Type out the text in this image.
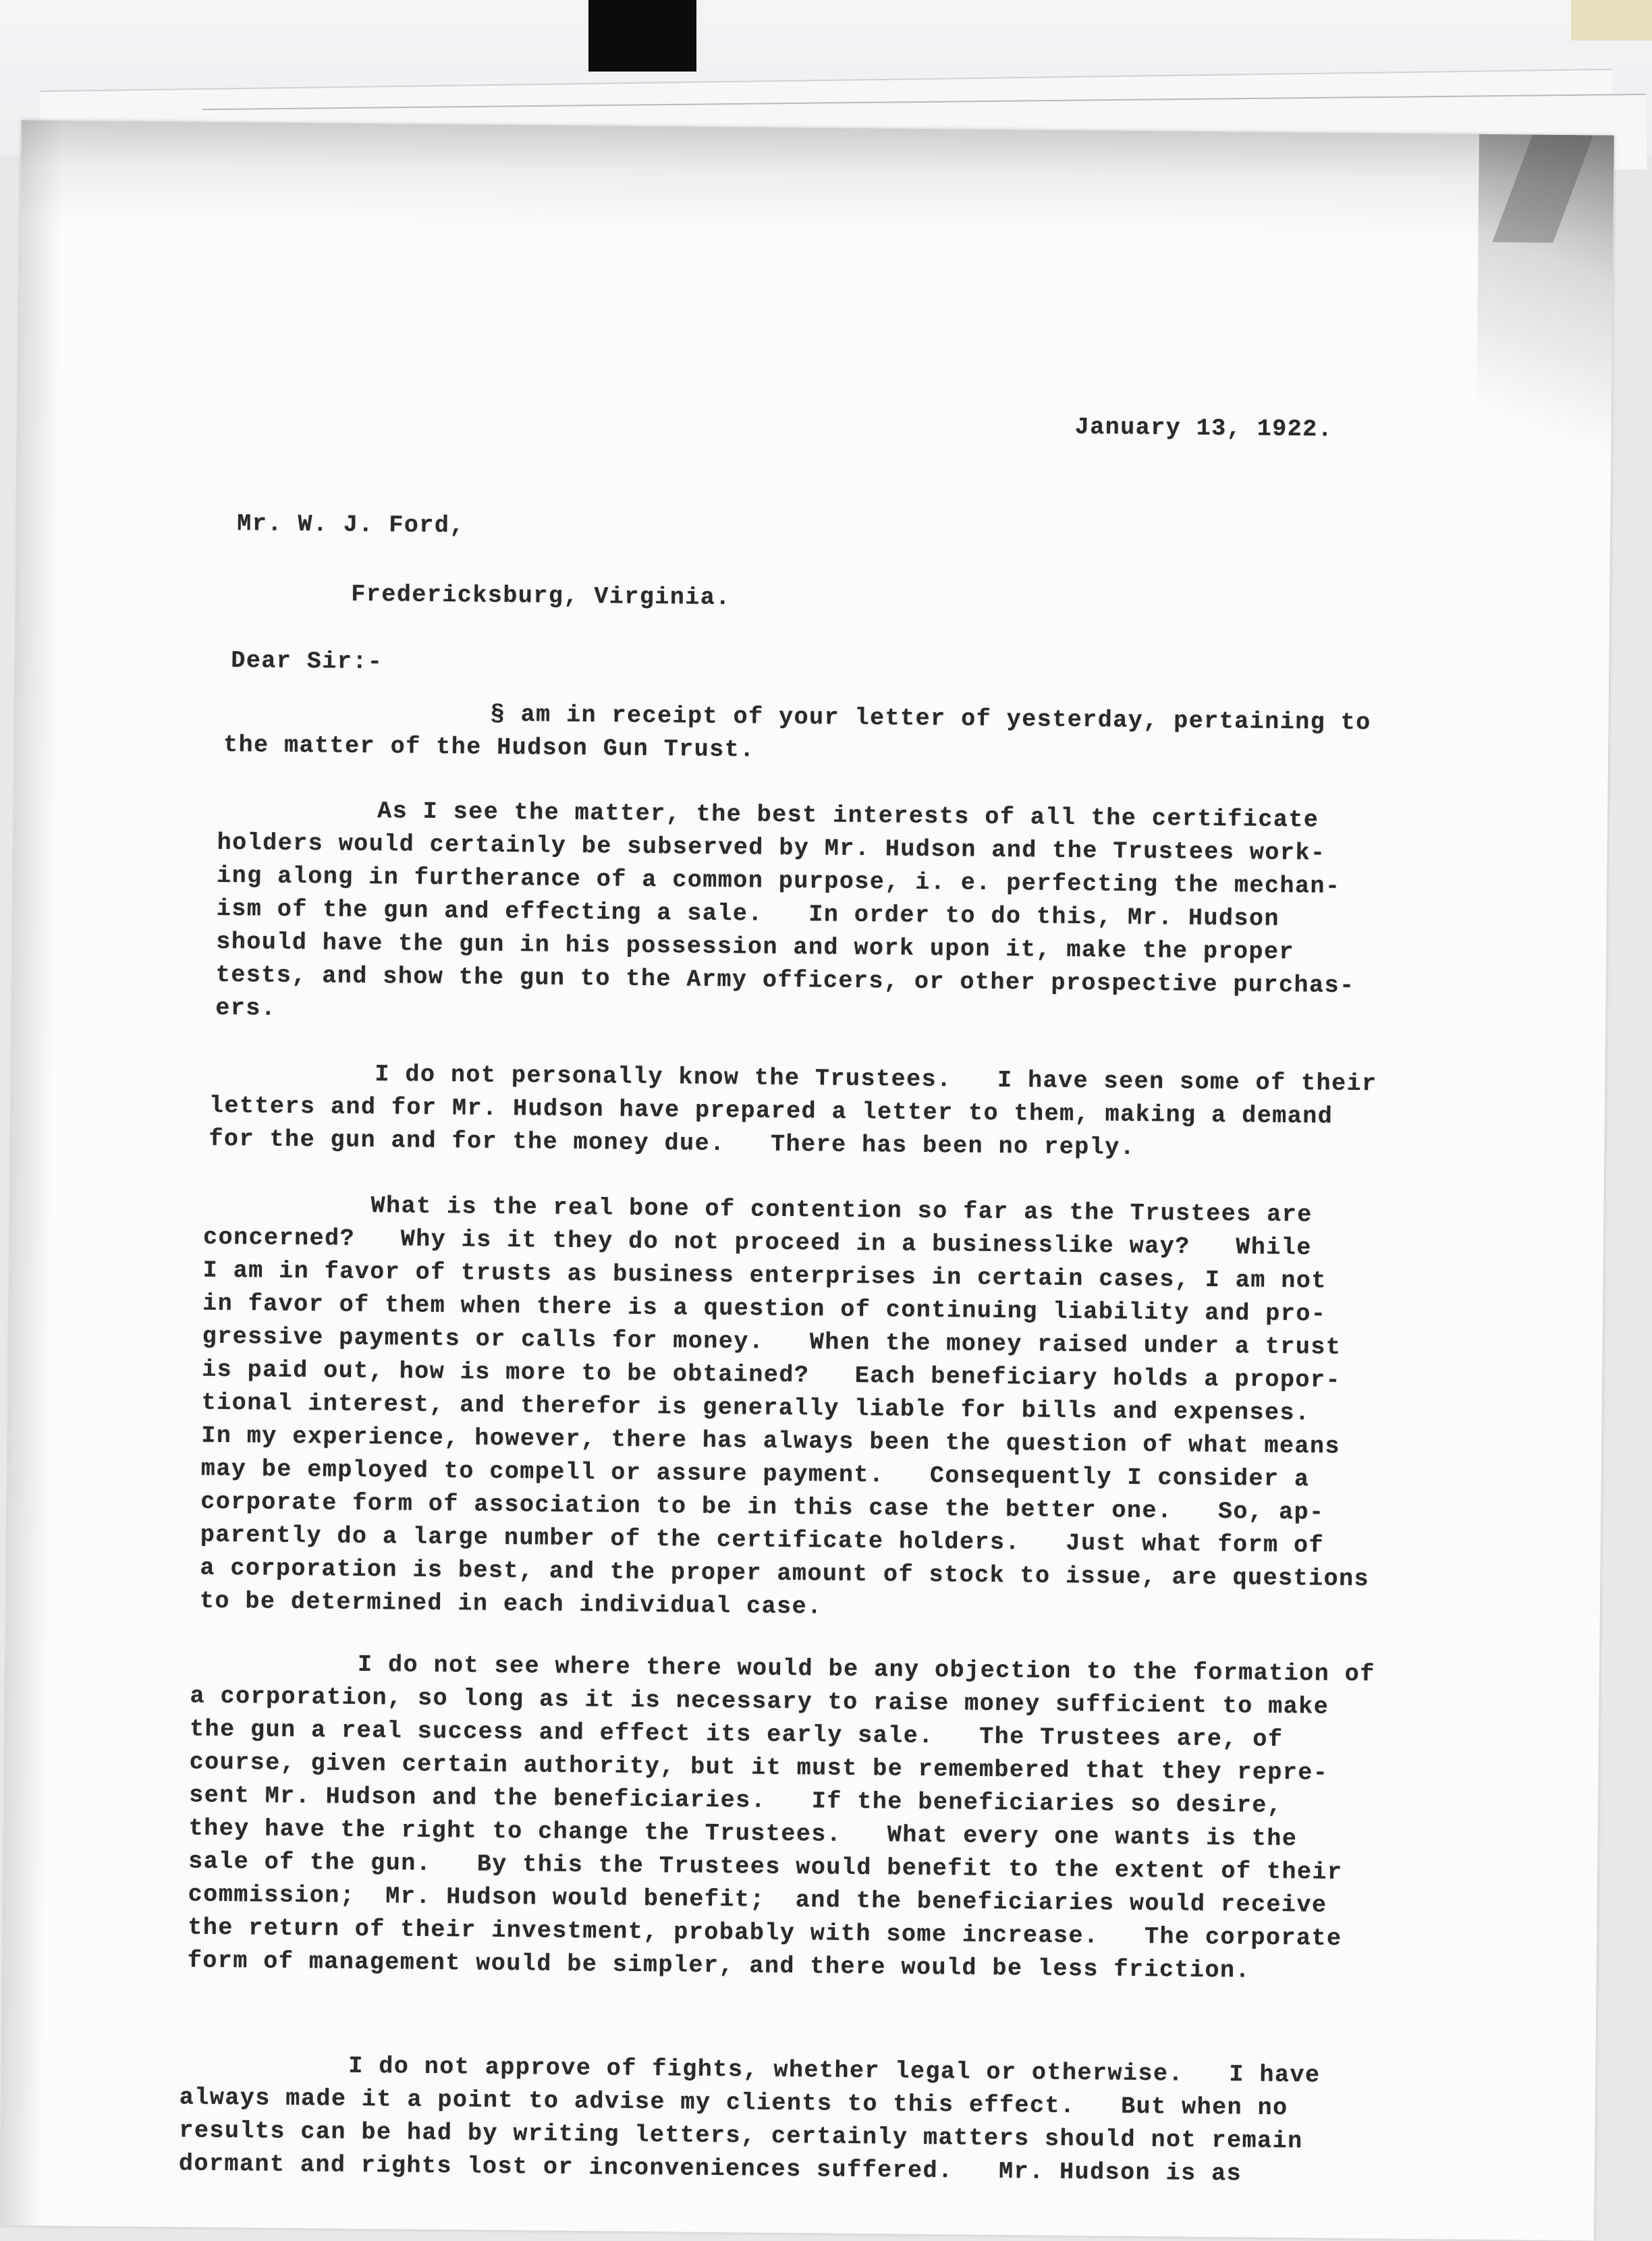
January 13, 1922.
Mr. W. J. Ford,
Fredericksburg, Virginia.
Dear Sir:-
§ am in receipt of your letter of yesterday, pertaining to
the matter of the Hudson Gun Trust.
As I see the matter, the best interests of all the certificate
holders would certainly be subserved by Mr. Hudson and the Trustees work-
ing along in furtherance of a common purpose, i. e. perfecting the mechan-
ism of the gun and effecting a sale.   In order to do this, Mr. Hudson
should have the gun in his possession and work upon it, make the proper
tests, and show the gun to the Army officers, or other prospective purchas-
ers.
I do not personally know the Trustees.   I have seen some of their
letters and for Mr. Hudson have prepared a letter to them, making a demand
for the gun and for the money due.   There has been no reply.
What is the real bone of contention so far as the Trustees are
concerned?   Why is it they do not proceed in a businesslike way?   While
I am in favor of trusts as business enterprises in certain cases, I am not
in favor of them when there is a question of continuing liability and pro-
gressive payments or calls for money.   When the money raised under a trust
is paid out, how is more to be obtained?   Each beneficiary holds a propor-
tional interest, and therefor is generally liable for bills and expenses.
In my experience, however, there has always been the question of what means
may be employed to compell or assure payment.   Consequently I consider a
corporate form of association to be in this case the better one.   So, ap-
parently do a large number of the certificate holders.   Just what form of
a corporation is best, and the proper amount of stock to issue, are questions
to be determined in each individual case.
I do not see where there would be any objection to the formation of
a corporation, so long as it is necessary to raise money sufficient to make
the gun a real success and effect its early sale.   The Trustees are, of
course, given certain authority, but it must be remembered that they repre-
sent Mr. Hudson and the beneficiaries.   If the beneficiaries so desire,
they have the right to change the Trustees.   What every one wants is the
sale of the gun.   By this the Trustees would benefit to the extent of their
commission;  Mr. Hudson would benefit;  and the beneficiaries would receive
the return of their investment, probably with some increase.   The corporate
form of management would be simpler, and there would be less friction.
I do not approve of fights, whether legal or otherwise.   I have
always made it a point to advise my clients to this effect.   But when no
results can be had by writing letters, certainly matters should not remain
dormant and rights lost or inconveniences suffered.   Mr. Hudson is as
